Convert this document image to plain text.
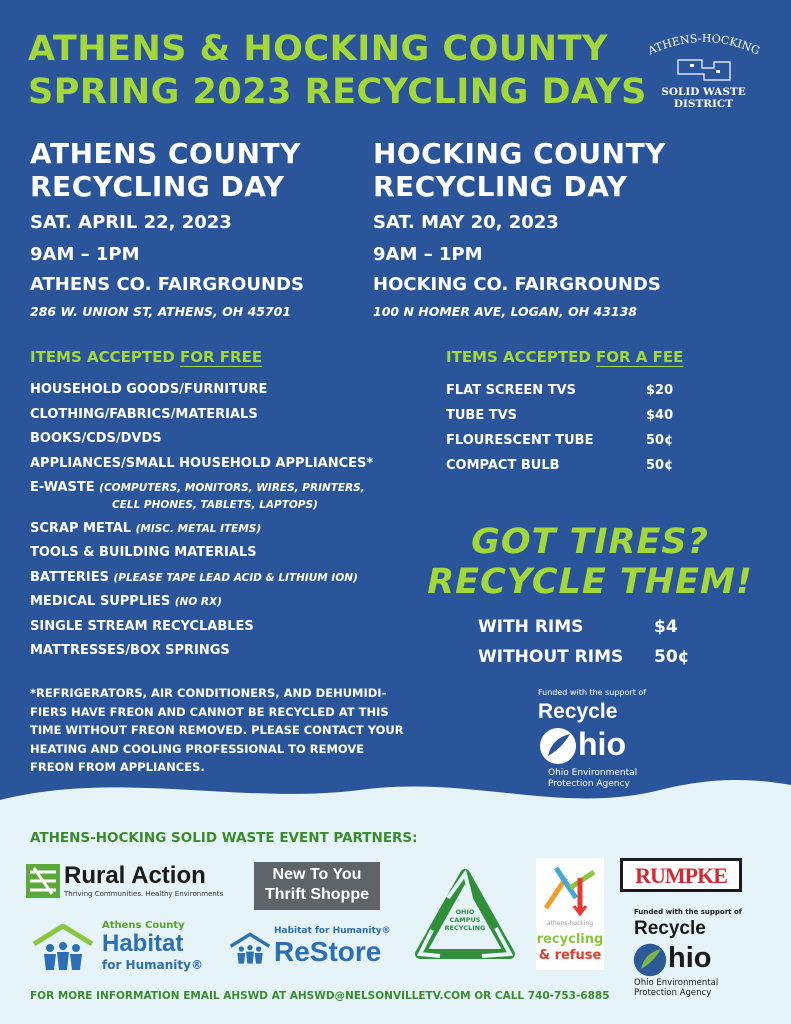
ATHENS & HOCKING COUNTY
SPRING 2023 RECYCLING DAYS
ATHENS-HOCKING
SOLID WASTE
DISTRICT
ATHENS COUNTY
RECYCLING DAY
SAT. APRIL 22, 2023
9AM – 1PM
ATHENS CO. FAIRGROUNDS
286 W. UNION ST, ATHENS, OH 45701
HOCKING COUNTY
RECYCLING DAY
SAT. MAY 20, 2023
9AM – 1PM
HOCKING CO. FAIRGROUNDS
100 N HOMER AVE, LOGAN, OH 43138
ITEMS ACCEPTED FOR FREE
HOUSEHOLD GOODS/FURNITURE
CLOTHING/FABRICS/MATERIALS
BOOKS/CDS/DVDS
APPLIANCES/SMALL HOUSEHOLD APPLIANCES*
E-WASTE (COMPUTERS, MONITORS, WIRES, PRINTERS,
CELL PHONES, TABLETS, LAPTOPS)
SCRAP METAL (MISC. METAL ITEMS)
TOOLS & BUILDING MATERIALS
BATTERIES (PLEASE TAPE LEAD ACID & LITHIUM ION)
MEDICAL SUPPLIES (NO RX)
SINGLE STREAM RECYCLABLES
MATTRESSES/BOX SPRINGS
ITEMS ACCEPTED FOR A FEE
FLAT SCREEN TVS	$20
TUBE TVS	$40
FLOURESCENT TUBE	50¢
COMPACT BULB	50¢
GOT TIRES?
RECYCLE THEM!
WITH RIMS	$4
WITHOUT RIMS	50¢
*REFRIGERATORS, AIR CONDITIONERS, AND DEHUMIDI-
FIERS HAVE FREON AND CANNOT BE RECYCLED AT THIS
TIME WITHOUT FREON REMOVED. PLEASE CONTACT YOUR
HEATING AND COOLING PROFESSIONAL TO REMOVE
FREON FROM APPLIANCES.
Funded with the support of
Recycle
hio
Ohio Environmental
Protection Agency
ATHENS-HOCKING SOLID WASTE EVENT PARTNERS:
Rural Action
Thriving Communities. Healthy Environments
New To You
Thrift Shoppe
OHIO
CAMPUS
RECYCLING
athens-hocking
recycling
& refuse
RUMPKE
Athens County
Habitat
for Humanity®
Habitat for Humanity®
ReStore
Funded with the support of
Recycle
hio
Ohio Environmental
Protection Agency
FOR MORE INFORMATION EMAIL AHSWD AT AHSWD@NELSONVILLETV.COM OR CALL 740-753-6885
